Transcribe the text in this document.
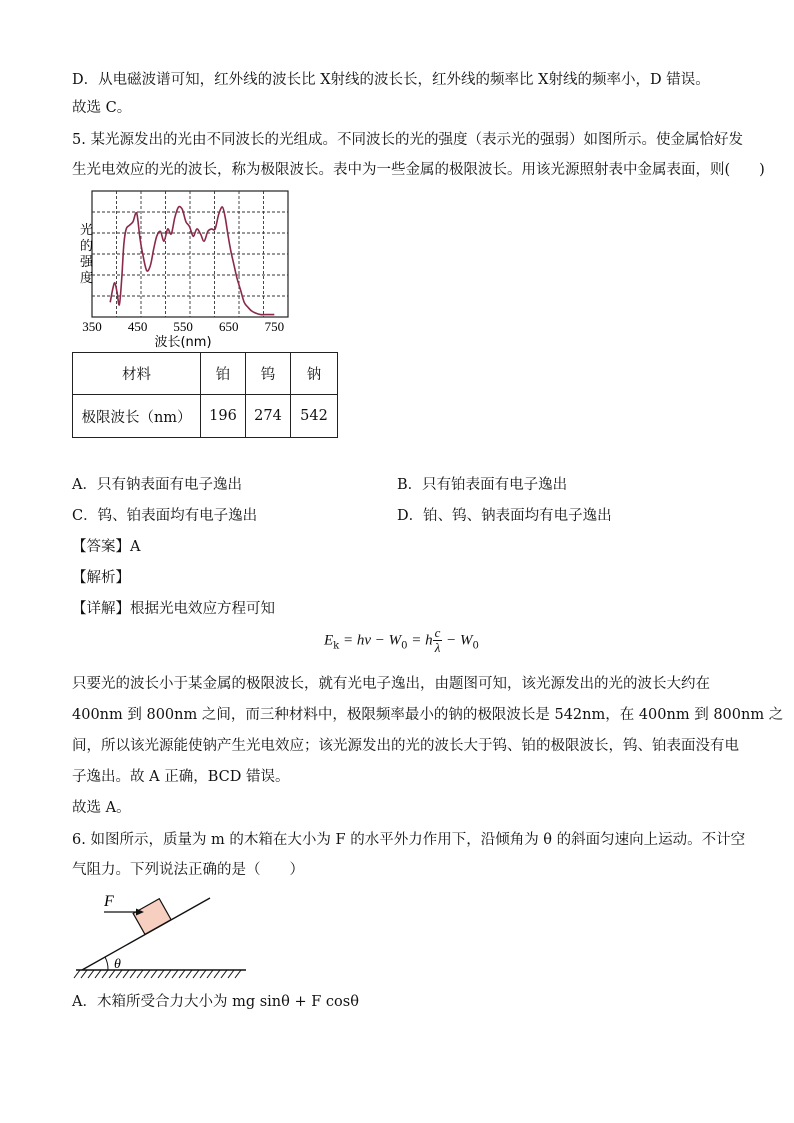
D．从电磁波谱可知，红外线的波长比 X射线的波长长，红外线的频率比 X射线的频率小，D 错误。
故选 C。
5. 某光源发出的光由不同波长的光组成。不同波长的光的强度（表示光的强弱）如图所示。使金属恰好发
生光电效应的光的波长，称为极限波长。表中为一些金属的极限波长。用该光源照射表中金属表面，则(　　)
光
的
强
度
350 450 550 650 750
波长(nm)
材料	铂	钨	钠
极限波长（nm）	196	274	542
A．只有钠表面有电子逸出	B．只有铂表面有电子逸出
C．钨、铂表面均有电子逸出	D．铂、钨、钠表面均有电子逸出
【答案】A
【解析】
【详解】根据光电效应方程可知
$E_k = h\nu - W_0 = h \frac{c}{\lambda} - W_0$
只要光的波长小于某金属的极限波长，就有光电子逸出，由题图可知，该光源发出的光的波长大约在
400nm 到 800nm 之间，而三种材料中，极限频率最小的钠的极限波长是 542nm，在 400nm 到 800nm 之
间，所以该光源能使钠产生光电效应；该光源发出的光的波长大于钨、铂的极限波长，钨、铂表面没有电
子逸出。故 A 正确，BCD 错误。
故选 A。
6. 如图所示，质量为 m 的木箱在大小为 F 的水平外力作用下，沿倾角为 θ 的斜面匀速向上运动。不计空
气阻力。下列说法正确的是（　　）
θ
F
A．木箱所受合力大小为 mg sinθ + F cosθ
